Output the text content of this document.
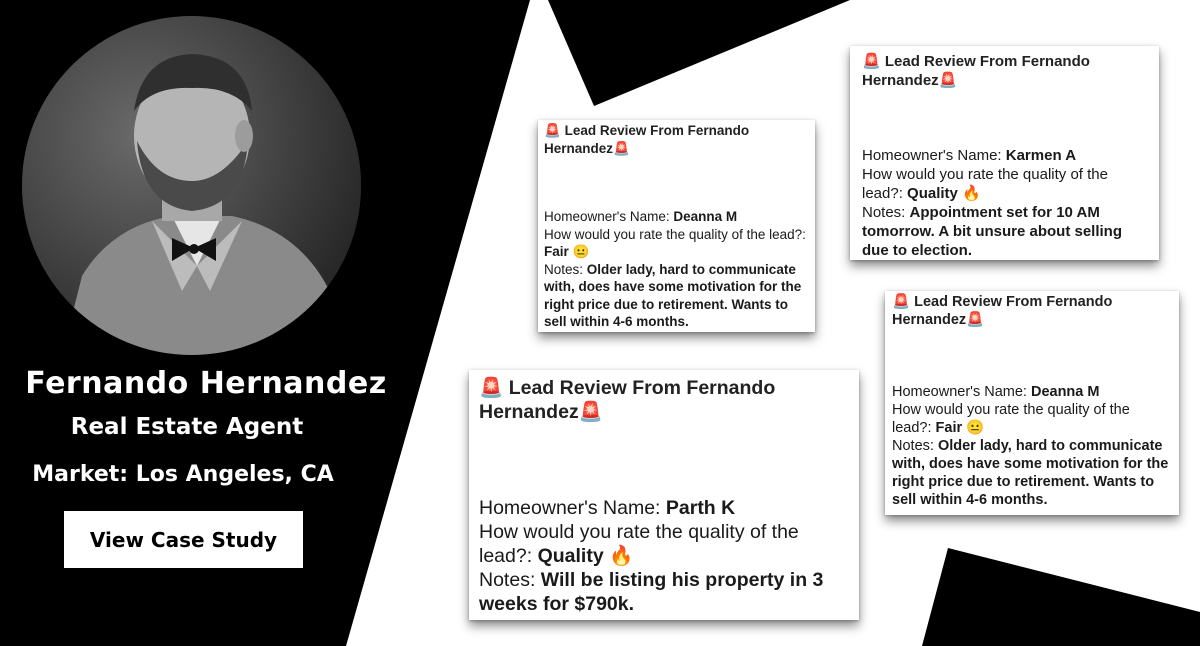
Fernando Hernandez
Real Estate Agent
Market: Los Angeles, CA
View Case Study
🚨 Lead Review From Fernando Hernandez🚨
Homeowner's Name: Deanna M
How would you rate the quality of the lead?: Fair 😐
Notes: Older lady, hard to communicate with, does have some motivation for the right price due to retirement. Wants to sell within 4-6 months.
🚨 Lead Review From Fernando Hernandez🚨
Homeowner's Name: Karmen A
How would you rate the quality of the lead?: Quality 🔥
Notes: Appointment set for 10 AM tomorrow. A bit unsure about selling due to election.
🚨 Lead Review From Fernando Hernandez🚨
Homeowner's Name: Parth K
How would you rate the quality of the lead?: Quality 🔥
Notes: Will be listing his property in 3 weeks for $790k.
🚨 Lead Review From Fernando Hernandez🚨
Homeowner's Name: Deanna M
How would you rate the quality of the lead?: Fair 😐
Notes: Older lady, hard to communicate with, does have some motivation for the right price due to retirement. Wants to sell within 4-6 months.
